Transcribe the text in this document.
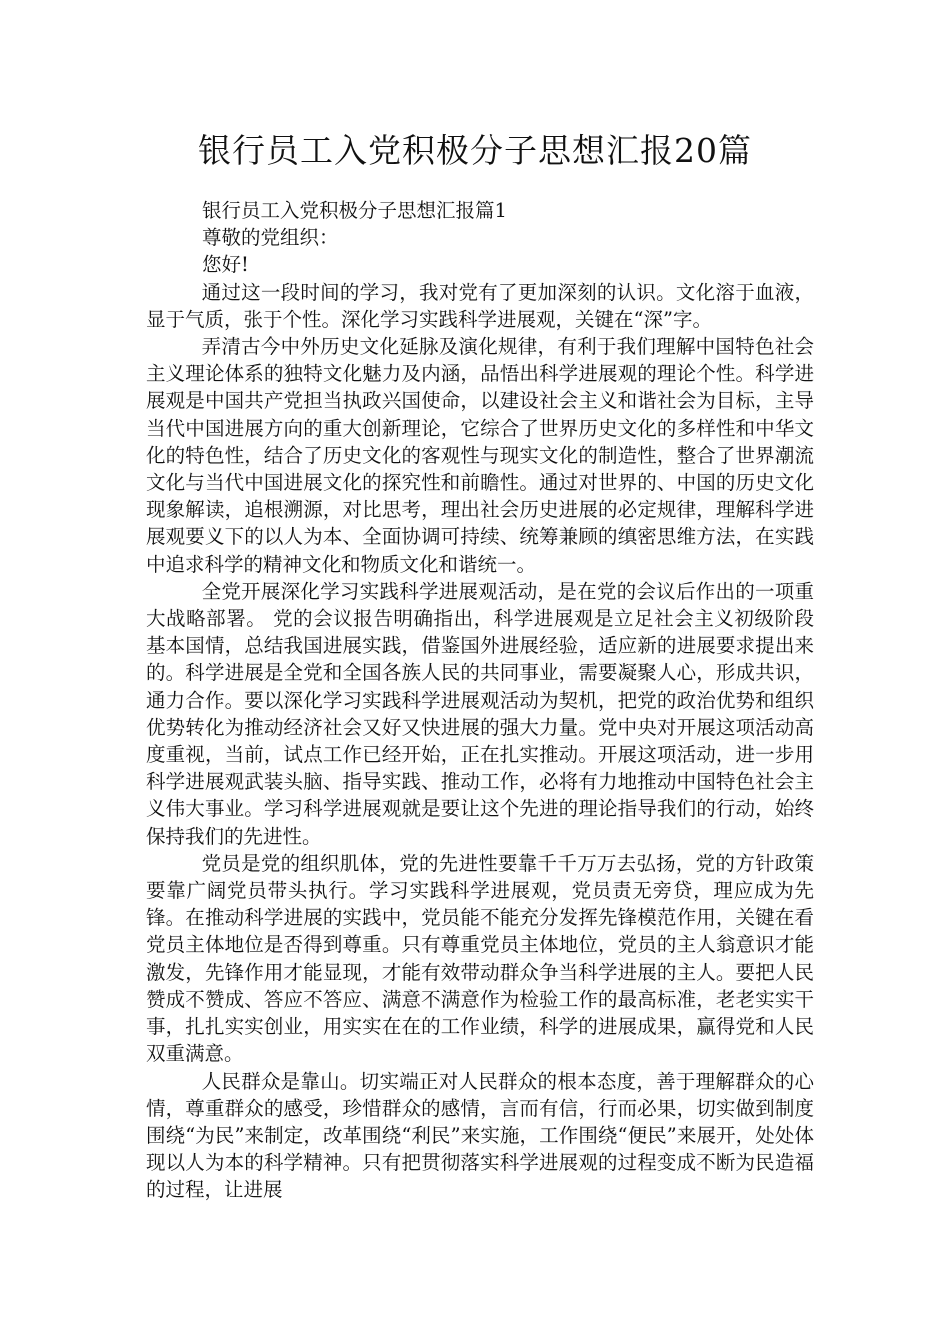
银行员工入党积极分子思想汇报20篇
银行员工入党积极分子思想汇报篇1
尊敬的党组织：
您好!

通过这一段时间的学习，我对党有了更加深刻的认识。文化溶于血液，显于气质，张于个性。深化学习实践科学进展观，关键在“深”字。

弄清古今中外历史文化延脉及演化规律，有利于我们理解中国特色社会主义理论体系的独特文化魅力及内涵，品悟出科学进展观的理论个性。科学进展观是中国共产党担当执政兴国使命，以建设社会主义和谐社会为目标，主导当代中国进展方向的重大创新理论，它综合了世界历史文化的多样性和中华文化的特色性，结合了历史文化的客观性与现实文化的制造性，整合了世界潮流文化与当代中国进展文化的探究性和前瞻性。通过对世界的、中国的历史文化现象解读，追根溯源，对比思考，理出社会历史进展的必定规律，理解科学进展观要义下的以人为本、全面协调可持续、统筹兼顾的缜密思维方法，在实践中追求科学的精神文化和物质文化和谐统一。

全党开展深化学习实践科学进展观活动，是在党的会议后作出的一项重大战略部署。 党的会议报告明确指出，科学进展观是立足社会主义初级阶段基本国情，总结我国进展实践，借鉴国外进展经验，适应新的进展要求提出来的。科学进展是全党和全国各族人民的共同事业，需要凝聚人心，形成共识，通力合作。要以深化学习实践科学进展观活动为契机，把党的政治优势和组织优势转化为推动经济社会又好又快进展的强大力量。党中央对开展这项活动高度重视，当前，试点工作已经开始，正在扎实推动。开展这项活动，进一步用科学进展观武装头脑、指导实践、推动工作，必将有力地推动中国特色社会主义伟大事业。学习科学进展观就是要让这个先进的理论指导我们的行动，始终保持我们的先进性。

党员是党的组织肌体，党的先进性要靠千千万万去弘扬，党的方针政策要靠广阔党员带头执行。学习实践科学进展观，党员责无旁贷，理应成为先锋。在推动科学进展的实践中，党员能不能充分发挥先锋模范作用，关键在看党员主体地位是否得到尊重。只有尊重党员主体地位，党员的主人翁意识才能激发，先锋作用才能显现，才能有效带动群众争当科学进展的主人。要把人民赞成不赞成、答应不答应、满意不满意作为检验工作的最高标准，老老实实干事，扎扎实实创业，用实实在在的工作业绩，科学的进展成果，赢得党和人民双重满意。

人民群众是靠山。切实端正对人民群众的根本态度，善于理解群众的心情，尊重群众的感受，珍惜群众的感情，言而有信，行而必果，切实做到制度围绕“为民”来制定，改革围绕“利民”来实施，工作围绕“便民”来展开，处处体现以人为本的科学精神。只有把贯彻落实科学进展观的过程变成不断为民造福的过程，让进展
